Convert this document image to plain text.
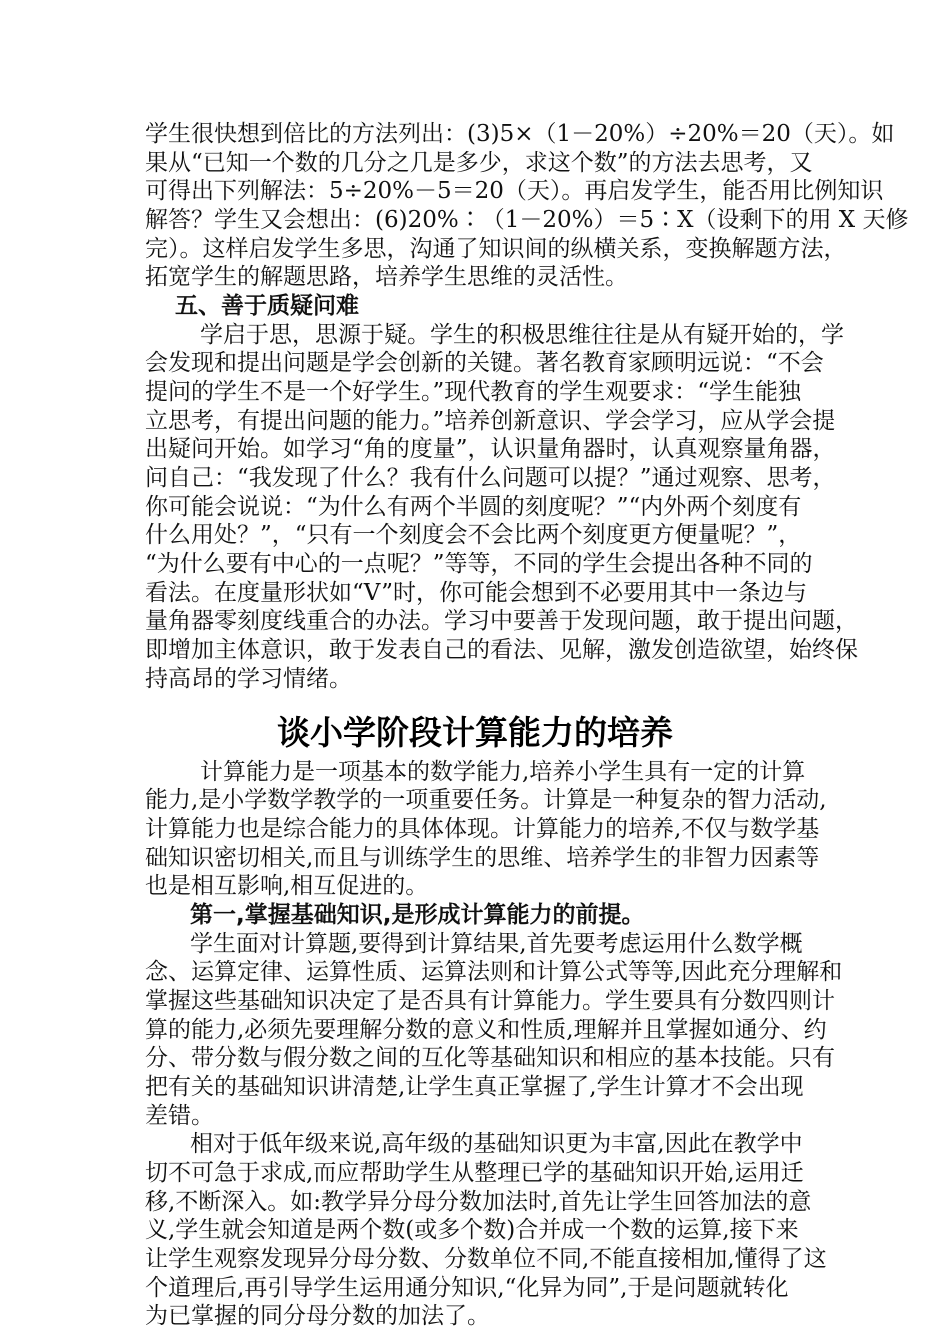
学生很快想到倍比的方法列出：(3)5×（1－20%）÷20%＝20（天）。如
果从“已知一个数的几分之几是多少，求这个数”的方法去思考，又
可得出下列解法：5÷20%－5＝20（天）。再启发学生，能否用比例知识
解答？学生又会想出：(6)20%∶（1－20%）＝5∶X（设剩下的用 X 天修
完）。这样启发学生多思，沟通了知识间的纵横关系，变换解题方法，
拓宽学生的解题思路，培养学生思维的灵活性。
五、善于质疑问难
学启于思，思源于疑。学生的积极思维往往是从有疑开始的，学
会发现和提出问题是学会创新的关键。著名教育家顾明远说：“不会
提问的学生不是一个好学生。”现代教育的学生观要求：“学生能独
立思考，有提出问题的能力。”培养创新意识、学会学习，应从学会提
出疑问开始。如学习“角的度量”，认识量角器时，认真观察量角器，
问自己：“我发现了什么？我有什么问题可以提？”通过观察、思考，
你可能会说说：“为什么有两个半圆的刻度呢？”“内外两个刻度有
什么用处？”，“只有一个刻度会不会比两个刻度更方便量呢？”，
“为什么要有中心的一点呢？”等等，不同的学生会提出各种不同的
看法。在度量形状如“V”时，你可能会想到不必要用其中一条边与
量角器零刻度线重合的办法。学习中要善于发现问题，敢于提出问题，
即增加主体意识，敢于发表自己的看法、见解，激发创造欲望，始终保
持高昂的学习情绪。
谈小学阶段计算能力的培养
计算能力是一项基本的数学能力,培养小学生具有一定的计算
能力,是小学数学教学的一项重要任务。计算是一种复杂的智力活动,
计算能力也是综合能力的具体体现。计算能力的培养,不仅与数学基
础知识密切相关,而且与训练学生的思维、培养学生的非智力因素等
也是相互影响,相互促进的。
第一,掌握基础知识,是形成计算能力的前提。
学生面对计算题,要得到计算结果,首先要考虑运用什么数学概
念、运算定律、运算性质、运算法则和计算公式等等,因此充分理解和
掌握这些基础知识决定了是否具有计算能力。学生要具有分数四则计
算的能力,必须先要理解分数的意义和性质,理解并且掌握如通分、约
分、带分数与假分数之间的互化等基础知识和相应的基本技能。只有
把有关的基础知识讲清楚,让学生真正掌握了,学生计算才不会出现
差错。
相对于低年级来说,高年级的基础知识更为丰富,因此在教学中
切不可急于求成,而应帮助学生从整理已学的基础知识开始,运用迁
移,不断深入。如:教学异分母分数加法时,首先让学生回答加法的意
义,学生就会知道是两个数(或多个数)合并成一个数的运算,接下来
让学生观察发现异分母分数、分数单位不同,不能直接相加,懂得了这
个道理后,再引导学生运用通分知识,“化异为同”,于是问题就转化
为已掌握的同分母分数的加法了。
